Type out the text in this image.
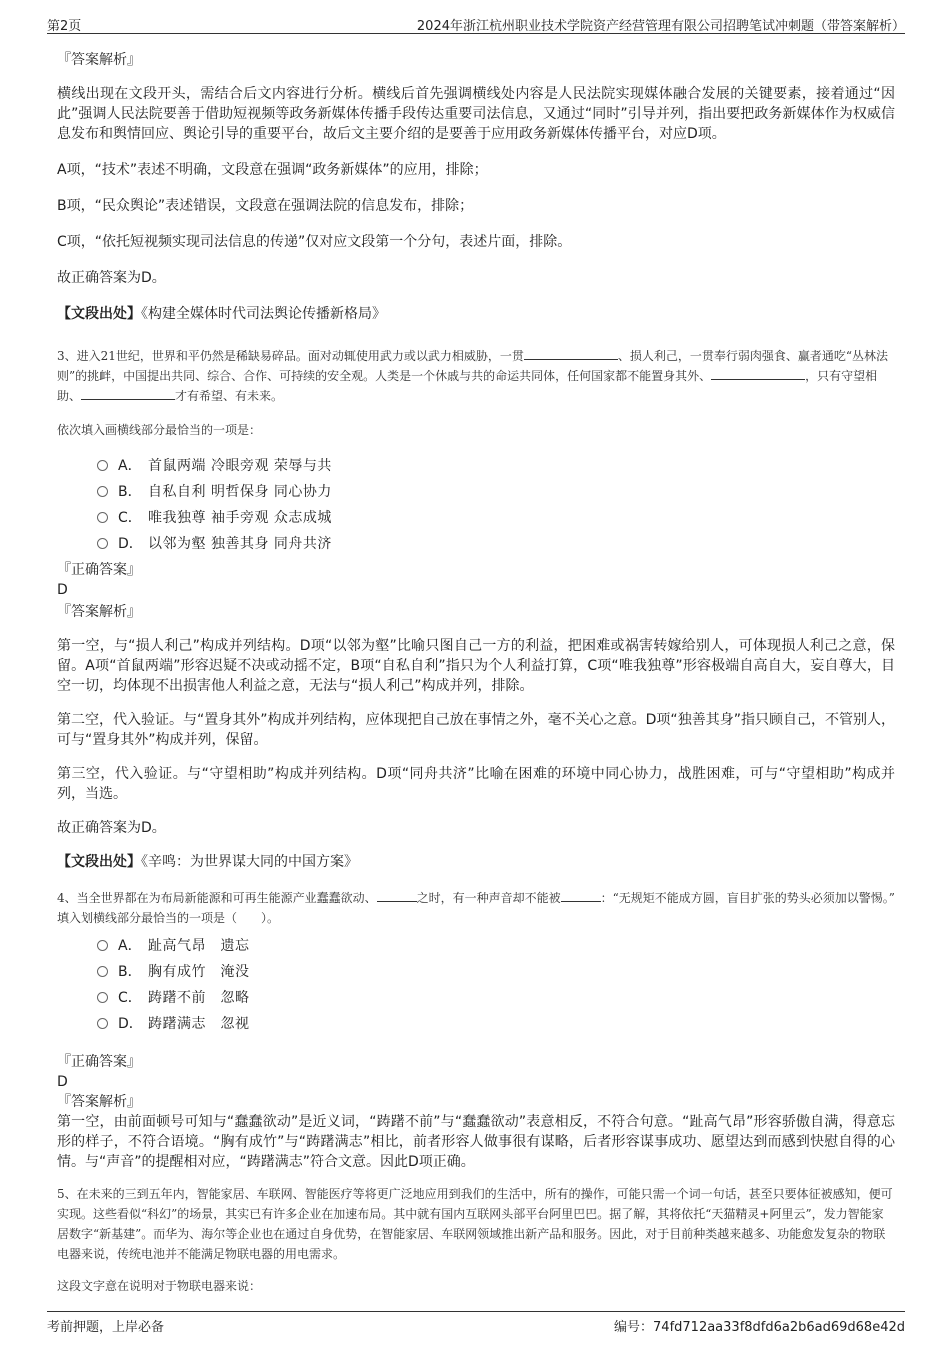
第2页	2024年浙江杭州职业技术学院资产经营管理有限公司招聘笔试冲刺题（带答案解析）

『答案解析』

横线出现在文段开头，需结合后文内容进行分析。横线后首先强调横线处内容是人民法院实现媒体融合发展的关键要素，接着通过“因此”强调人民法院要善于借助短视频等政务新媒体传播手段传达重要司法信息，又通过“同时”引导并列，指出要把政务新媒体作为权威信息发布和舆情回应、舆论引导的重要平台，故后文主要介绍的是要善于应用政务新媒体传播平台，对应D项。

A项，“技术”表述不明确，文段意在强调“政务新媒体”的应用，排除；

B项，“民众舆论”表述错误，文段意在强调法院的信息发布，排除；

C项，“依托短视频实现司法信息的传递”仅对应文段第一个分句，表述片面，排除。

故正确答案为D。

【文段出处】《构建全媒体时代司法舆论传播新格局》

3、进入21世纪，世界和平仍然是稀缺易碎品。面对动辄使用武力或以武力相威胁，一贯	、损人利己，一贯奉行弱肉强食、赢者通吃“丛林法则”的挑衅，中国提出共同、综合、合作、可持续的安全观。人类是一个休戚与共的命运共同体，任何国家都不能置身其外、	，只有守望相助、	才有希望、有未来。

依次填入画横线部分最恰当的一项是：

A． 首鼠两端 冷眼旁观 荣辱与共
B． 自私自利 明哲保身 同心协力
C． 唯我独尊 袖手旁观 众志成城
D． 以邻为壑 独善其身 同舟共济

『正确答案』

D

『答案解析』

第一空，与“损人利己”构成并列结构。D项“以邻为壑”比喻只图自己一方的利益，把困难或祸害转嫁给别人，可体现损人利己之意，保留。A项“首鼠两端”形容迟疑不决或动摇不定，B项“自私自利”指只为个人利益打算，C项“唯我独尊”形容极端自高自大，妄自尊大，目空一切，均体现不出损害他人利益之意，无法与“损人利己”构成并列，排除。

第二空，代入验证。与“置身其外”构成并列结构，应体现把自己放在事情之外，毫不关心之意。D项“独善其身”指只顾自己，不管别人，可与“置身其外”构成并列，保留。

第三空，代入验证。与“守望相助”构成并列结构。D项“同舟共济”比喻在困难的环境中同心协力，战胜困难，可与“守望相助”构成并列，当选。

故正确答案为D。

【文段出处】《辛鸣：为世界谋大同的中国方案》

4、当全世界都在为布局新能源和可再生能源产业蠢蠢欲动、	之时，有一种声音却不能被	：“无规矩不能成方圆，盲目扩张的势头必须加以警惕。”

填入划横线部分最恰当的一项是（　　）。

A． 趾高气昂　遗忘
B． 胸有成竹　淹没
C． 踌躇不前　忽略
D． 踌躇满志　忽视

『正确答案』

D

『答案解析』

第一空，由前面顿号可知与“蠢蠢欲动”是近义词，“踌躇不前”与“蠢蠢欲动”表意相反，不符合句意。“趾高气昂”形容骄傲自满，得意忘形的样子，不符合语境。“胸有成竹”与“踌躇满志”相比，前者形容人做事很有谋略，后者形容谋事成功、愿望达到而感到快慰自得的心情。与“声音”的提醒相对应，“踌躇满志”符合文意。因此D项正确。

5、在未来的三到五年内，智能家居、车联网、智能医疗等将更广泛地应用到我们的生活中，所有的操作，可能只需一个词一句话，甚至只要体征被感知，便可实现。这些看似“科幻”的场景，其实已有许多企业在加速布局。其中就有国内互联网头部平台阿里巴巴。据了解，其将依托“天猫精灵+阿里云”，发力智能家居数字“新基建”。而华为、海尔等企业也在通过自身优势，在智能家居、车联网领域推出新产品和服务。因此，对于目前种类越来越多、功能愈发复杂的物联电器来说，传统电池并不能满足物联电器的用电需求。

这段文字意在说明对于物联电器来说：

考前押题，上岸必备	编号：74fd712aa33f8dfd6a2b6ad69d68e42d
